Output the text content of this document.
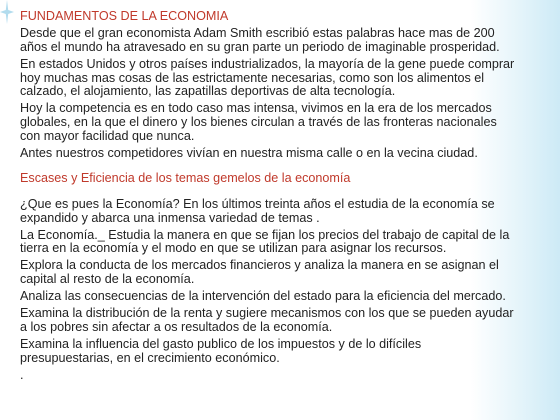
FUNDAMENTOS DE LA ECONOMIA

Desde que el gran economista Adam Smith escribió estas palabras hace mas de 200
años el mundo ha atravesado en su gran parte un periodo de imaginable prosperidad.

En estados Unidos y otros países industrializados, la mayoría de la gene puede comprar
hoy muchas mas cosas de las estrictamente necesarias, como son los alimentos el
calzado, el alojamiento, las zapatillas deportivas de alta tecnología.

Hoy la competencia es en todo caso mas intensa, vivimos en la era de los mercados
globales, en la que el dinero y los bienes circulan a través de las fronteras nacionales
con mayor facilidad que nunca.

Antes nuestros competidores vivían en nuestra misma calle o en la vecina ciudad.

Escases y Eficiencia de los temas gemelos de la economía

¿Que es pues la Economía? En los últimos treinta años el estudia de la economía se
expandido y abarca una inmensa variedad de temas .

La Economía._ Estudia la manera en que se fijan los precios del trabajo de capital de la
tierra en la economía y el modo en que se utilizan para asignar los recursos.

Explora la conducta de los mercados financieros y analiza la manera en se asignan el
capital al resto de la economía.

Analiza las consecuencias de la intervención del estado para la eficiencia del mercado.

Examina la distribución de la renta y sugiere mecanismos con los que se pueden ayudar
a los pobres sin afectar a os resultados de la economía.

Examina la influencia del gasto publico de los impuestos y de lo difíciles
presupuestarias, en el crecimiento económico.

.
